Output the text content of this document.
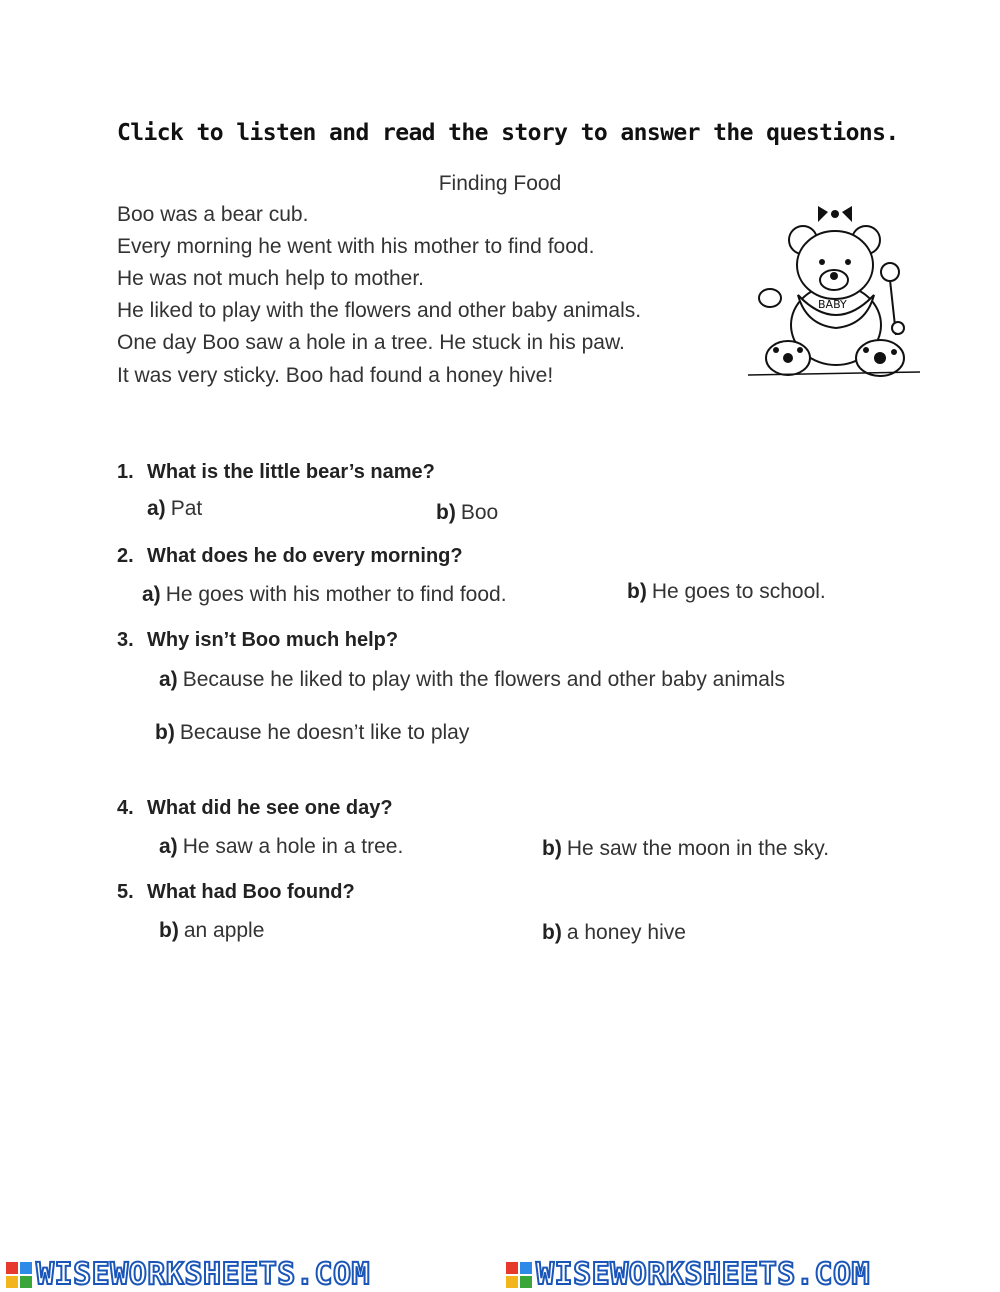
Click to listen and read the story to answer the questions.
Finding Food
Boo was a bear cub.
Every morning he went with his mother to find food.
He was not much help to mother.
He liked to play with the flowers and other baby animals.
One day Boo saw a hole in a tree. He stuck in his paw.
It was very sticky. Boo had found a honey hive!
BABY
1. What is the little bear’s name?
a) Pat	b) Boo
2. What does he do every morning?
a) He goes with his mother to find food.	b) He goes to school.
3. Why isn’t Boo much help?
a) Because he liked to play with the flowers and other baby animals
b) Because he doesn’t like to play
4. What did he see one day?
a) He saw a hole in a tree.	b) He saw the moon in the sky.
5. What had Boo found?
b) an apple	b) a honey hive
WISEWORKSHEETS.COM	WISEWORKSHEETS.COM
